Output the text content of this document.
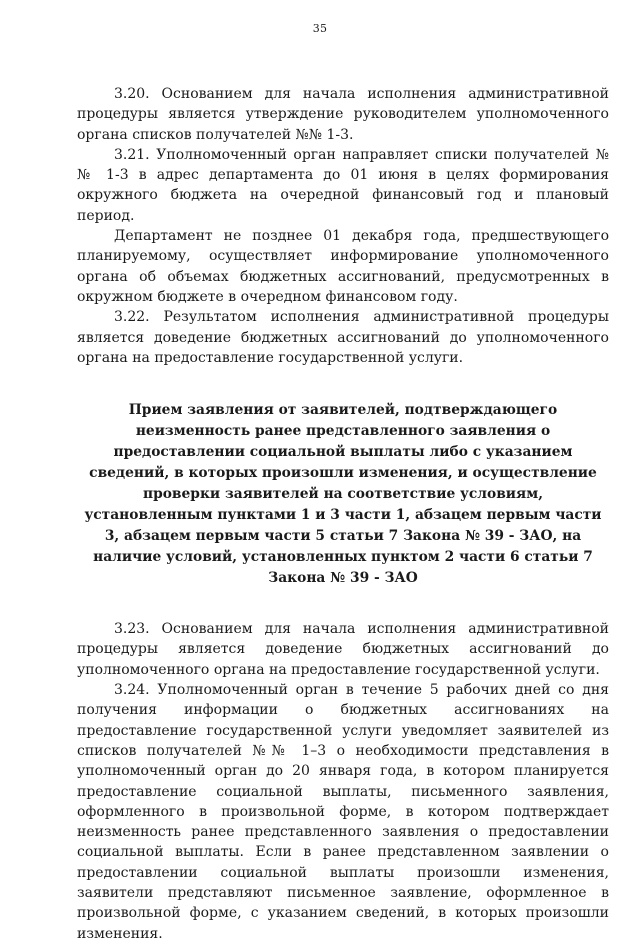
35

3.20. Основанием для начала исполнения административной процедуры является утверждение руководителем уполномоченного органа списков получателей №№ 1-3.

3.21. Уполномоченный орган направляет списки получателей №№ 1-3 в адрес департамента до 01 июня в целях формирования окружного бюджета на очередной финансовый год и плановый период.

Департамент не позднее 01 декабря года, предшествующего планируемому, осуществляет информирование уполномоченного органа об объемах бюджетных ассигнований, предусмотренных в окружном бюджете в очередном финансовом году.

3.22. Результатом исполнения административной процедуры является доведение бюджетных ассигнований до уполномоченного органа на предоставление государственной услуги.

Прием заявления от заявителей, подтверждающего неизменность ранее представленного заявления о предоставлении социальной выплаты либо с указанием сведений, в которых произошли изменения, и осуществление проверки заявителей на соответствие условиям, установленным пунктами 1 и 3 части 1, абзацем первым части 3, абзацем первым части 5 статьи 7 Закона № 39 - ЗАО, на наличие условий, установленных пунктом 2 части 6 статьи 7 Закона № 39 - ЗАО

3.23. Основанием для начала исполнения административной процедуры является доведение бюджетных ассигнований до уполномоченного органа на предоставление государственной услуги.

3.24. Уполномоченный орган в течение 5 рабочих дней со дня получения информации о бюджетных ассигнованиях на предоставление государственной услуги уведомляет заявителей из списков получателей №№ 1–3 о необходимости представления в уполномоченный орган до 20 января года, в котором планируется предоставление социальной выплаты, письменного заявления, оформленного в произвольной форме, в котором подтверждает неизменность ранее представленного заявления о предоставлении социальной выплаты. Если в ранее представленном заявлении о предоставлении социальной выплаты произошли изменения, заявители представляют письменное заявление, оформленное в произвольной форме, с указанием сведений, в которых произошли изменения.
